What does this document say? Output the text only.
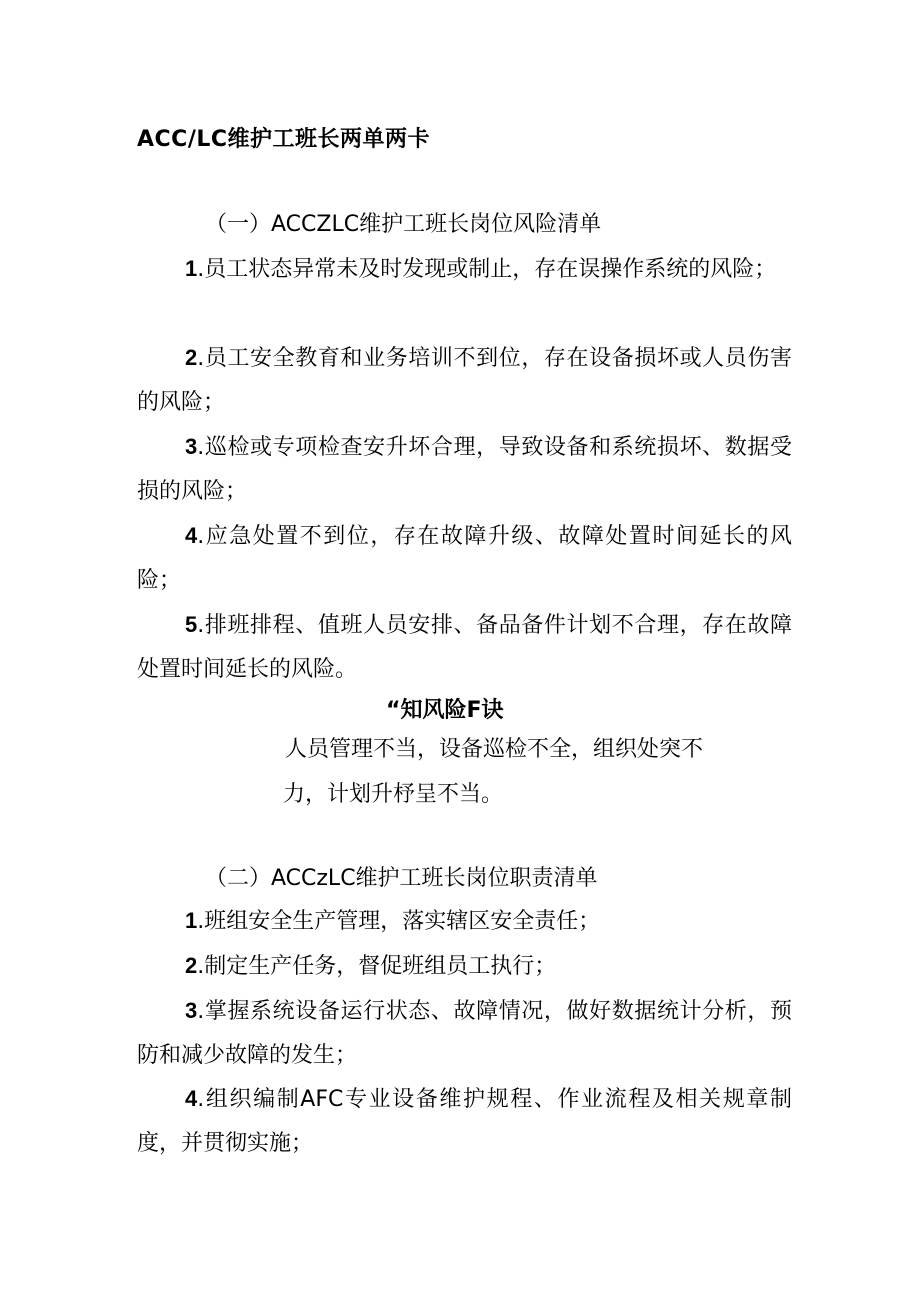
ACC/LC维护工班长两单两卡
（一）ACCZLC维护工班长岗位风险清单
1.员工状态异常未及时发现或制止，存在误操作系统的风险；
2.员工安全教育和业务培训不到位，存在设备损坏或人员伤害的风险；
3.巡检或专项检查安升坏合理，导致设备和系统损坏、数据受损的风险；
4.应急处置不到位，存在故障升级、故障处置时间延长的风险；
5.排班排程、值班人员安排、备品备件计划不合理，存在故障处置时间延长的风险。
“知风险F诀
人员管理不当，设备巡检不全，组织处突不
力，计划升杼呈不当。
（二）ACCzLC维护工班长岗位职责清单
1.班组安全生产管理，落实辖区安全责任；
2.制定生产任务，督促班组员工执行；
3.掌握系统设备运行状态、故障情况，做好数据统计分析，预防和减少故障的发生；
4.组织编制AFC专业设备维护规程、作业流程及相关规章制度，并贯彻实施；
